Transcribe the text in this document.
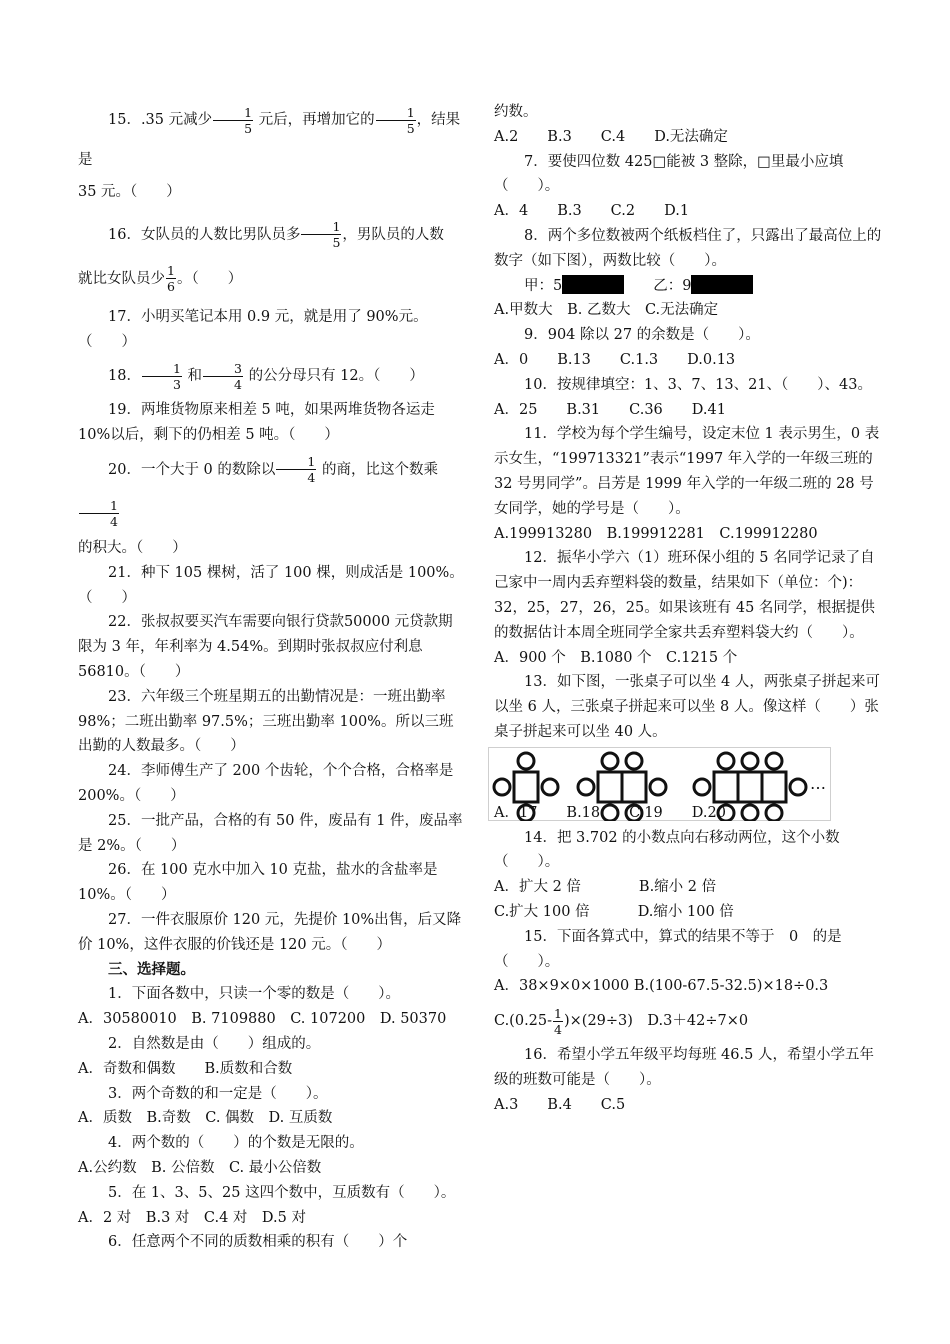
15．.35 元减少 $\frac{1}{5}$ 元后，再增加它的 $\frac{1}{5}$ ，结果是
35 元。（　　）
16．女队员的人数比男队员多 $\frac{1}{5}$ ，男队员的人数
就比女队员少 $\frac{1}{6}$ 。（　　）
17．小明买笔记本用 0.9 元，就是用了 90%元。（　　）
18． $\frac{1}{3}$ 和 $\frac{3}{4}$ 的公分母只有 12。（　　）
19．两堆货物原来相差 5 吨，如果两堆货物各运走 10%以后，剩下的仍相差 5 吨。（　　）
20．一个大于 0 的数除以 $\frac{1}{4}$ 的商，比这个数乘
$\frac{1}{4}$
的积大。（　　）
21．种下 105 棵树，活了 100 棵，则成活是 100%。（　　）
22．张叔叔要买汽车需要向银行贷款50000 元贷款期限为 3 年，年利率为 4.54%。到期时张叔叔应付利息 56810。（　　）
23．六年级三个班星期五的出勤情况是：一班出勤率 98%；二班出勤率 97.5%；三班出勤率 100%。所以三班出勤的人数最多。（　　）
24．李师傅生产了 200 个齿轮，个个合格，合格率是 200%。（　　）
25．一批产品，合格的有 50 件，废品有 1 件，废品率是 2%。（　　）
26．在 100 克水中加入 10 克盐，盐水的含盐率是 10%。（　　）
27．一件衣服原价 120 元，先提价 10%出售，后又降价 10%，这件衣服的价钱还是 120 元。（　　）
三、选择题。
1．下面各数中，只读一个零的数是（　　）。
A．30580010　B. 7109880　C. 107200　D. 50370
2．自然数是由（　　）组成的。
A．奇数和偶数　　B.质数和合数
3．两个奇数的和一定是（　　）。
A．质数　B.奇数　C. 偶数　D. 互质数
4．两个数的（　　）的个数是无限的。
A.公约数　B. 公倍数　C. 最小公倍数
5．在 1、3、5、25 这四个数中，互质数有（　　）。
A．2 对　B.3 对　C.4 对　D.5 对
6．任意两个不同的质数相乘的积有（　　）个
约数。
A.2　　B.3　　C.4　　D.无法确定
7．要使四位数 425□能被 3 整除，□里最小应填（　　）。
A．4　　B.3　　C.2　　D.1
8．两个多位数被两个纸板档住了，只露出了最高位上的数字（如下图），两数比较（　　）。
甲：5　　	乙：9
A.甲数大　B. 乙数大　C.无法确定
9．904 除以 27 的余数是（　　）。
A．0　　B.13　　C.1.3　　D.0.13
10．按规律填空：1、3、7、13、21、（　　）、43。
A．25　　B.31　　C.36　　D.41
11．学校为每个学生编号，设定末位 1 表示男生，0 表示女生，“199713321”表示“1997 年入学的一年级三班的 32 号男同学”。吕芳是 1999 年入学的一年级二班的 28 号女同学，她的学号是（　　）。
A.199913280　B.199912281　C.199912280
12．振华小学六（1）班环保小组的 5 名同学记录了自己家中一周内丢弃塑料袋的数量，结果如下（单位：个)：32，25，27，26，25。如果该班有 45 名同学，根据提供的数据估计本周全班同学全家共丢弃塑料袋大约（　　）。
A．900 个　B.1080 个　C.1215 个
13．如下图，一张桌子可以坐 4 人，两张桌子拼起来可以坐 6 人，三张桌子拼起来可以坐 8 人。像这样（　　）张桌子拼起来可以坐 40 人。
…
A．17　　B.18　　C.19　　D.20
14．把 3.702 的小数点向右移动两位，这个小数（　　）。
A．扩大 2 倍　　　　B.缩小 2 倍
C.扩大 100 倍　　　 D.缩小 100 倍
15．下面各算式中，算式的结果不等于　0　的是（　　）。
A．38×9×0×1000 B.(100-67.5-32.5)×18÷0.3
$C.(0.25- \frac{1}{4} )\times(29\div 3)$　D.3＋42÷7×0
16．希望小学五年级平均每班 46.5 人，希望小学五年级的班数可能是（　　）。
A.3　　B.4　　C.5
